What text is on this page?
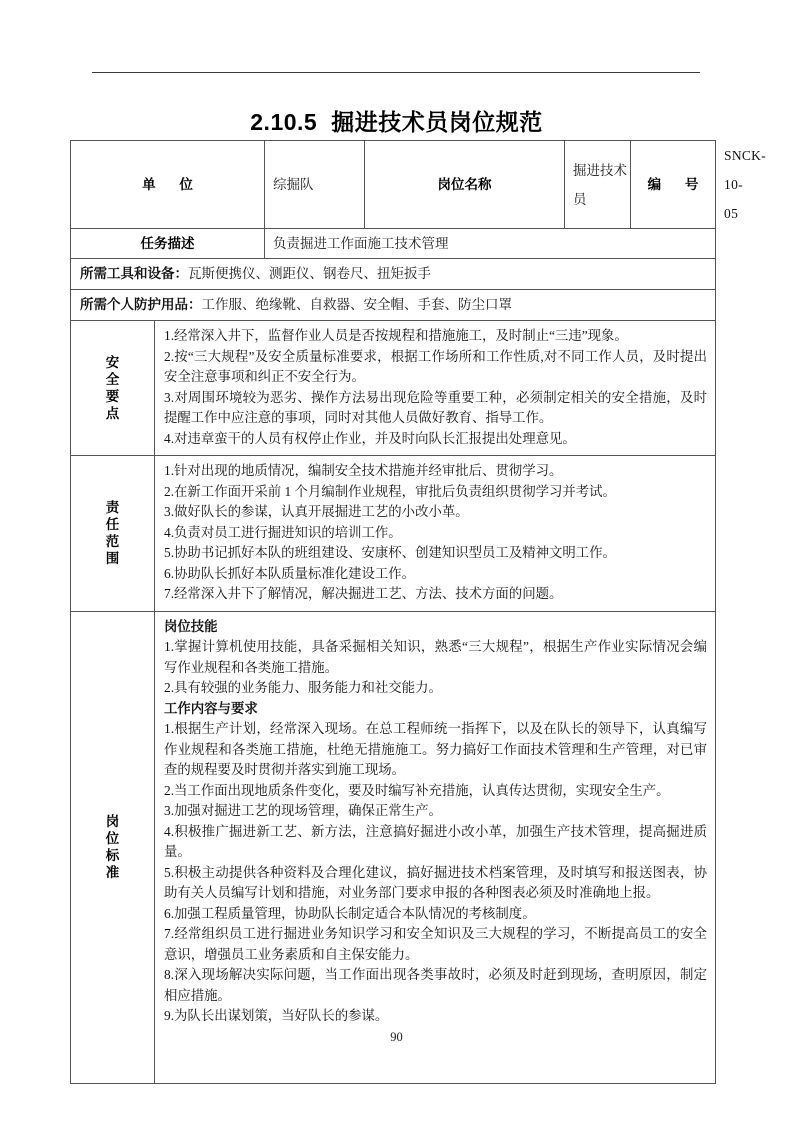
2.10.5 掘进技术员岗位规范
单 位		综掘队	岗位名称	掘进技术员	编 号	SNCK-10-05
任务描述		负责掘进工作面施工技术管理				
所需工具和设备：瓦斯便携仪、测距仪、钢卷尺、扭矩扳手						
所需个人防护用品：工作服、绝缘靴、自救器、安全帽、手套、防尘口罩						
安全要点	1.经常深入井下，监督作业人员是否按规程和措施施工，及时制止“三违”现象。

2.按“三大规程”及安全质量标准要求，根据工作场所和工作性质,对不同工作人员，及时提出安全注意事项和纠正不安全行为。

3.对周围环境较为恶劣、操作方法易出现危险等重要工种，必须制定相关的安全措施，及时提醒工作中应注意的事项，同时对其他人员做好教育、指导工作。

4.对违章蛮干的人员有权停止作业，并及时向队长汇报提出处理意见。					

责任范围	

1.针对出现的地质情况，编制安全技术措施并经审批后、贯彻学习。

2.在新工作面开采前 1 个月编制作业规程，审批后负责组织贯彻学习并考试。

3.做好队长的参谋，认真开展掘进工艺的小改小革。

4.负责对员工进行掘进知识的培训工作。

5.协助书记抓好本队的班组建设、安康杯、创建知识型员工及精神文明工作。

6.协助队长抓好本队质量标准化建设工作。

7.经常深入井下了解情况，解决掘进工艺、方法、技术方面的问题。

岗位标准	

岗位技能

1.掌握计算机使用技能，具备采掘相关知识，熟悉“三大规程”，根据生产作业实际情况会编写作业规程和各类施工措施。

2.具有较强的业务能力、服务能力和社交能力。

工作内容与要求

1.根据生产计划，经常深入现场。在总工程师统一指挥下，以及在队长的领导下，认真编写作业规程和各类施工措施，杜绝无措施施工。努力搞好工作面技术管理和生产管理，对已审查的规程要及时贯彻并落实到施工现场。

2.当工作面出现地质条件变化，要及时编写补充措施，认真传达贯彻，实现安全生产。

3.加强对掘进工艺的现场管理，确保正常生产。

4.积极推广掘进新工艺、新方法，注意搞好掘进小改小革，加强生产技术管理，提高掘进质量。

5.积极主动提供各种资料及合理化建议，搞好掘进技术档案管理，及时填写和报送图表，协助有关人员编写计划和措施，对业务部门要求申报的各种图表必须及时准确地上报。

6.加强工程质量管理，协助队长制定适合本队情况的考核制度。

7.经常组织员工进行掘进业务知识学习和安全知识及三大规程的学习，不断提高员工的安全意识，增强员工业务素质和自主保安能力。

8.深入现场解决实际问题，当工作面出现各类事故时，必须及时赶到现场，查明原因，制定相应措施。

9.为队长出谋划策，当好队长的参谋。

90
